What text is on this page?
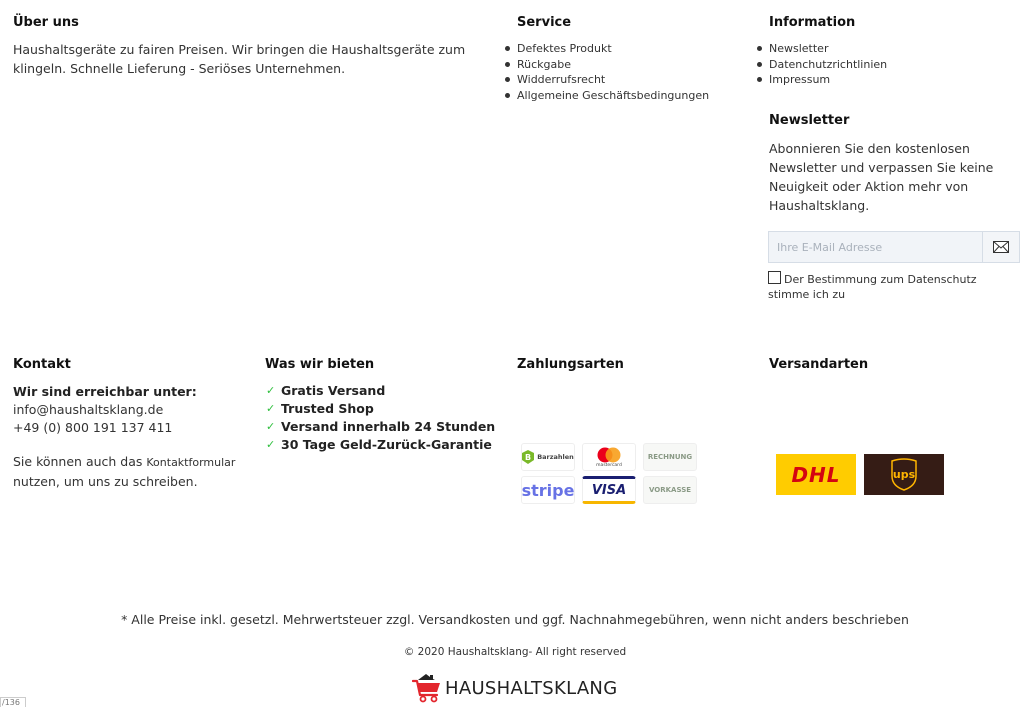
Über uns

Haushaltsgeräte zu fairen Preisen. Wir bringen die Haushaltsgeräte zum klingeln. Schnelle Lieferung - Seriöses Unternehmen.

Service
Defektes Produkt
Rückgabe
Widderrufsrecht
Allgemeine Geschäftsbedingungen
Information
Newsletter
Datenchutzrichtlinien
Impressum
Newsletter

Abonnieren Sie den kostenlosen Newsletter und verpassen Sie keine Neuigkeit oder Aktion mehr von Haushaltsklang.

Ihre E-Mail Adresse

Der Bestimmung zum Datenschutz stimme ich zu

Kontakt

Wir sind erreichbar unter:

info@haushaltsklang.de

+49 (0) 800 191 137 411

Sie können auch das Kontaktformular nutzen, um uns zu schreiben.

Was wir bieten
✓ Gratis Versand
✓ Trusted Shop
✓ Versand innerhalb 24 Stunden
✓ 30 Tage Geld-Zurück-Garantie
Zahlungsarten
B Barzahlen
mastercard
RECHNUNG
stripe VISA	VORKASSE
Versandarten
DHL	ups

* Alle Preise inkl. gesetzl. Mehrwertsteuer zzgl. Versandkosten und ggf. Nachnahmegebühren, wenn nicht anders beschrieben

© 2020 Haushaltsklang- All right reserved

HAUSHALTSKLANG
/136
